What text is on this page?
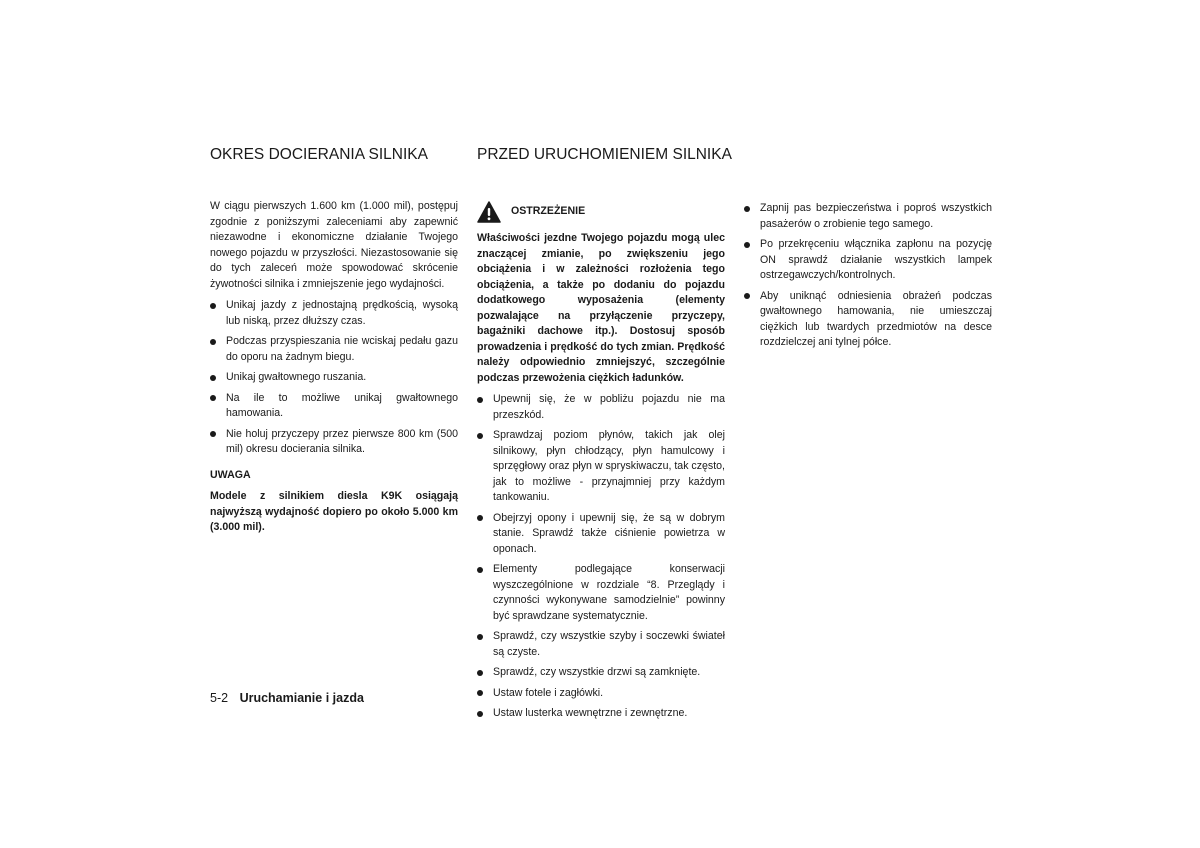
OKRES DOCIERANIA SILNIKA

W ciągu pierwszych 1.600 km (1.000 mil), postępuj zgodnie z poniższymi zaleceniami aby zapewnić niezawodne i ekonomiczne działanie Twojego nowego pojazdu w przyszłości. Niezastosowanie się do tych zaleceń może spowodować skrócenie żywotności silnika i zmniejszenie jego wydajności.

Unikaj jazdy z jednostajną prędkością, wysoką lub niską, przez dłuższy czas.
Podczas przyspieszania nie wciskaj pedału gazu do oporu na żadnym biegu.
Unikaj gwałtownego ruszania.
Na ile to możliwe unikaj gwałtownego hamowania.
Nie holuj przyczepy przez pierwsze 800 km (500 mil) okresu docierania silnika.
UWAGA
Modele z silnikiem diesla K9K osiągają najwyższą wydajność dopiero po około 5.000 km (3.000 mil).
PRZED URUCHOMIENIEM SILNIKA
OSTRZEŻENIE

Właściwości jezdne Twojego pojazdu mogą ulec znaczącej zmianie, po zwiększeniu jego obciążenia i w zależności rozłożenia tego obciążenia, a także po dodaniu do pojazdu dodatkowego wyposażenia (elementy pozwalające na przyłączenie przyczepy, bagażniki dachowe itp.). Dostosuj sposób prowadzenia i prędkość do tych zmian. Prędkość należy odpowiednio zmniejszyć, szczególnie podczas przewożenia ciężkich ładunków.

Upewnij się, że w pobliżu pojazdu nie ma przeszkód.
Sprawdzaj poziom płynów, takich jak olej silnikowy, płyn chłodzący, płyn hamulcowy i sprzęgłowy oraz płyn w spryskiwaczu, tak często, jak to możliwe - przynajmniej przy każdym tankowaniu.
Obejrzyj opony i upewnij się, że są w dobrym stanie. Sprawdź także ciśnienie powietrza w oponach.
Elementy podlegające konserwacji wyszczególnione w rozdziale “8. Przeglądy i czynności wykonywane samodzielnie” powinny być sprawdzane systematycznie.
Sprawdź, czy wszystkie szyby i soczewki świateł są czyste.
Sprawdź, czy wszystkie drzwi są zamknięte.
Ustaw fotele i zagłówki.
Ustaw lusterka wewnętrzne i zewnętrzne.
Zapnij pas bezpieczeństwa i poproś wszystkich pasażerów o zrobienie tego samego.
Po przekręceniu włącznika zapłonu na pozycję ON sprawdź działanie wszystkich lampek ostrzegawczych/kontrolnych.
Aby uniknąć odniesienia obrażeń podczas gwałtownego hamowania, nie umieszczaj ciężkich lub twardych przedmiotów na desce rozdzielczej ani tylnej półce.
5-2 Uruchamianie i jazda
